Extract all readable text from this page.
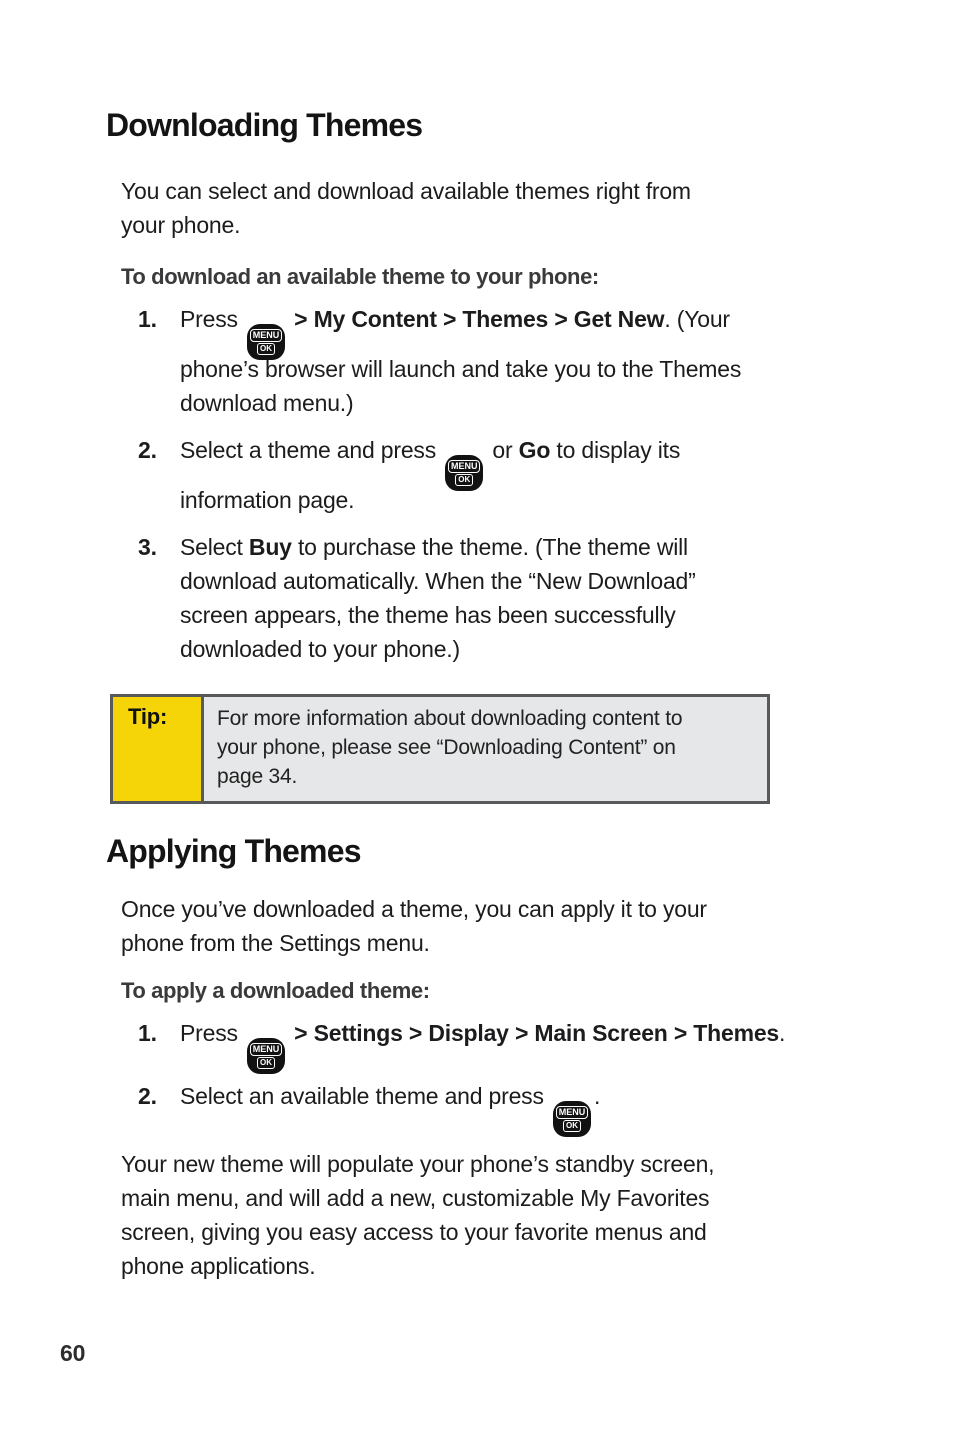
Downloading Themes

You can select and download available themes right from
your phone.

To download an available theme to your phone:
1.	Press
MENU
OK
> My Content > Themes > Get New. (Your
phone’s browser will launch and take you to the Themes
download menu.)
2.	Select a theme and press
MENU
OK
or Go to display its
information page.
3.	Select Buy to purchase the theme. (The theme will
download automatically. When the “New Download”
screen appears, the theme has been successfully
downloaded to your phone.)
Tip:	For more information about downloading content to
your phone, please see “Downloading Content” on
page 34.
Applying Themes

Once you’ve downloaded a theme, you can apply it to your
phone from the Settings menu.

To apply a downloaded theme:
1.	Press
MENU
OK
> Settings > Display > Main Screen > Themes.
2.	Select an available theme and press
MENU
OK
.

Your new theme will populate your phone’s standby screen,
main menu, and will add a new, customizable My Favorites
screen, giving you easy access to your favorite menus and
phone applications.

60
